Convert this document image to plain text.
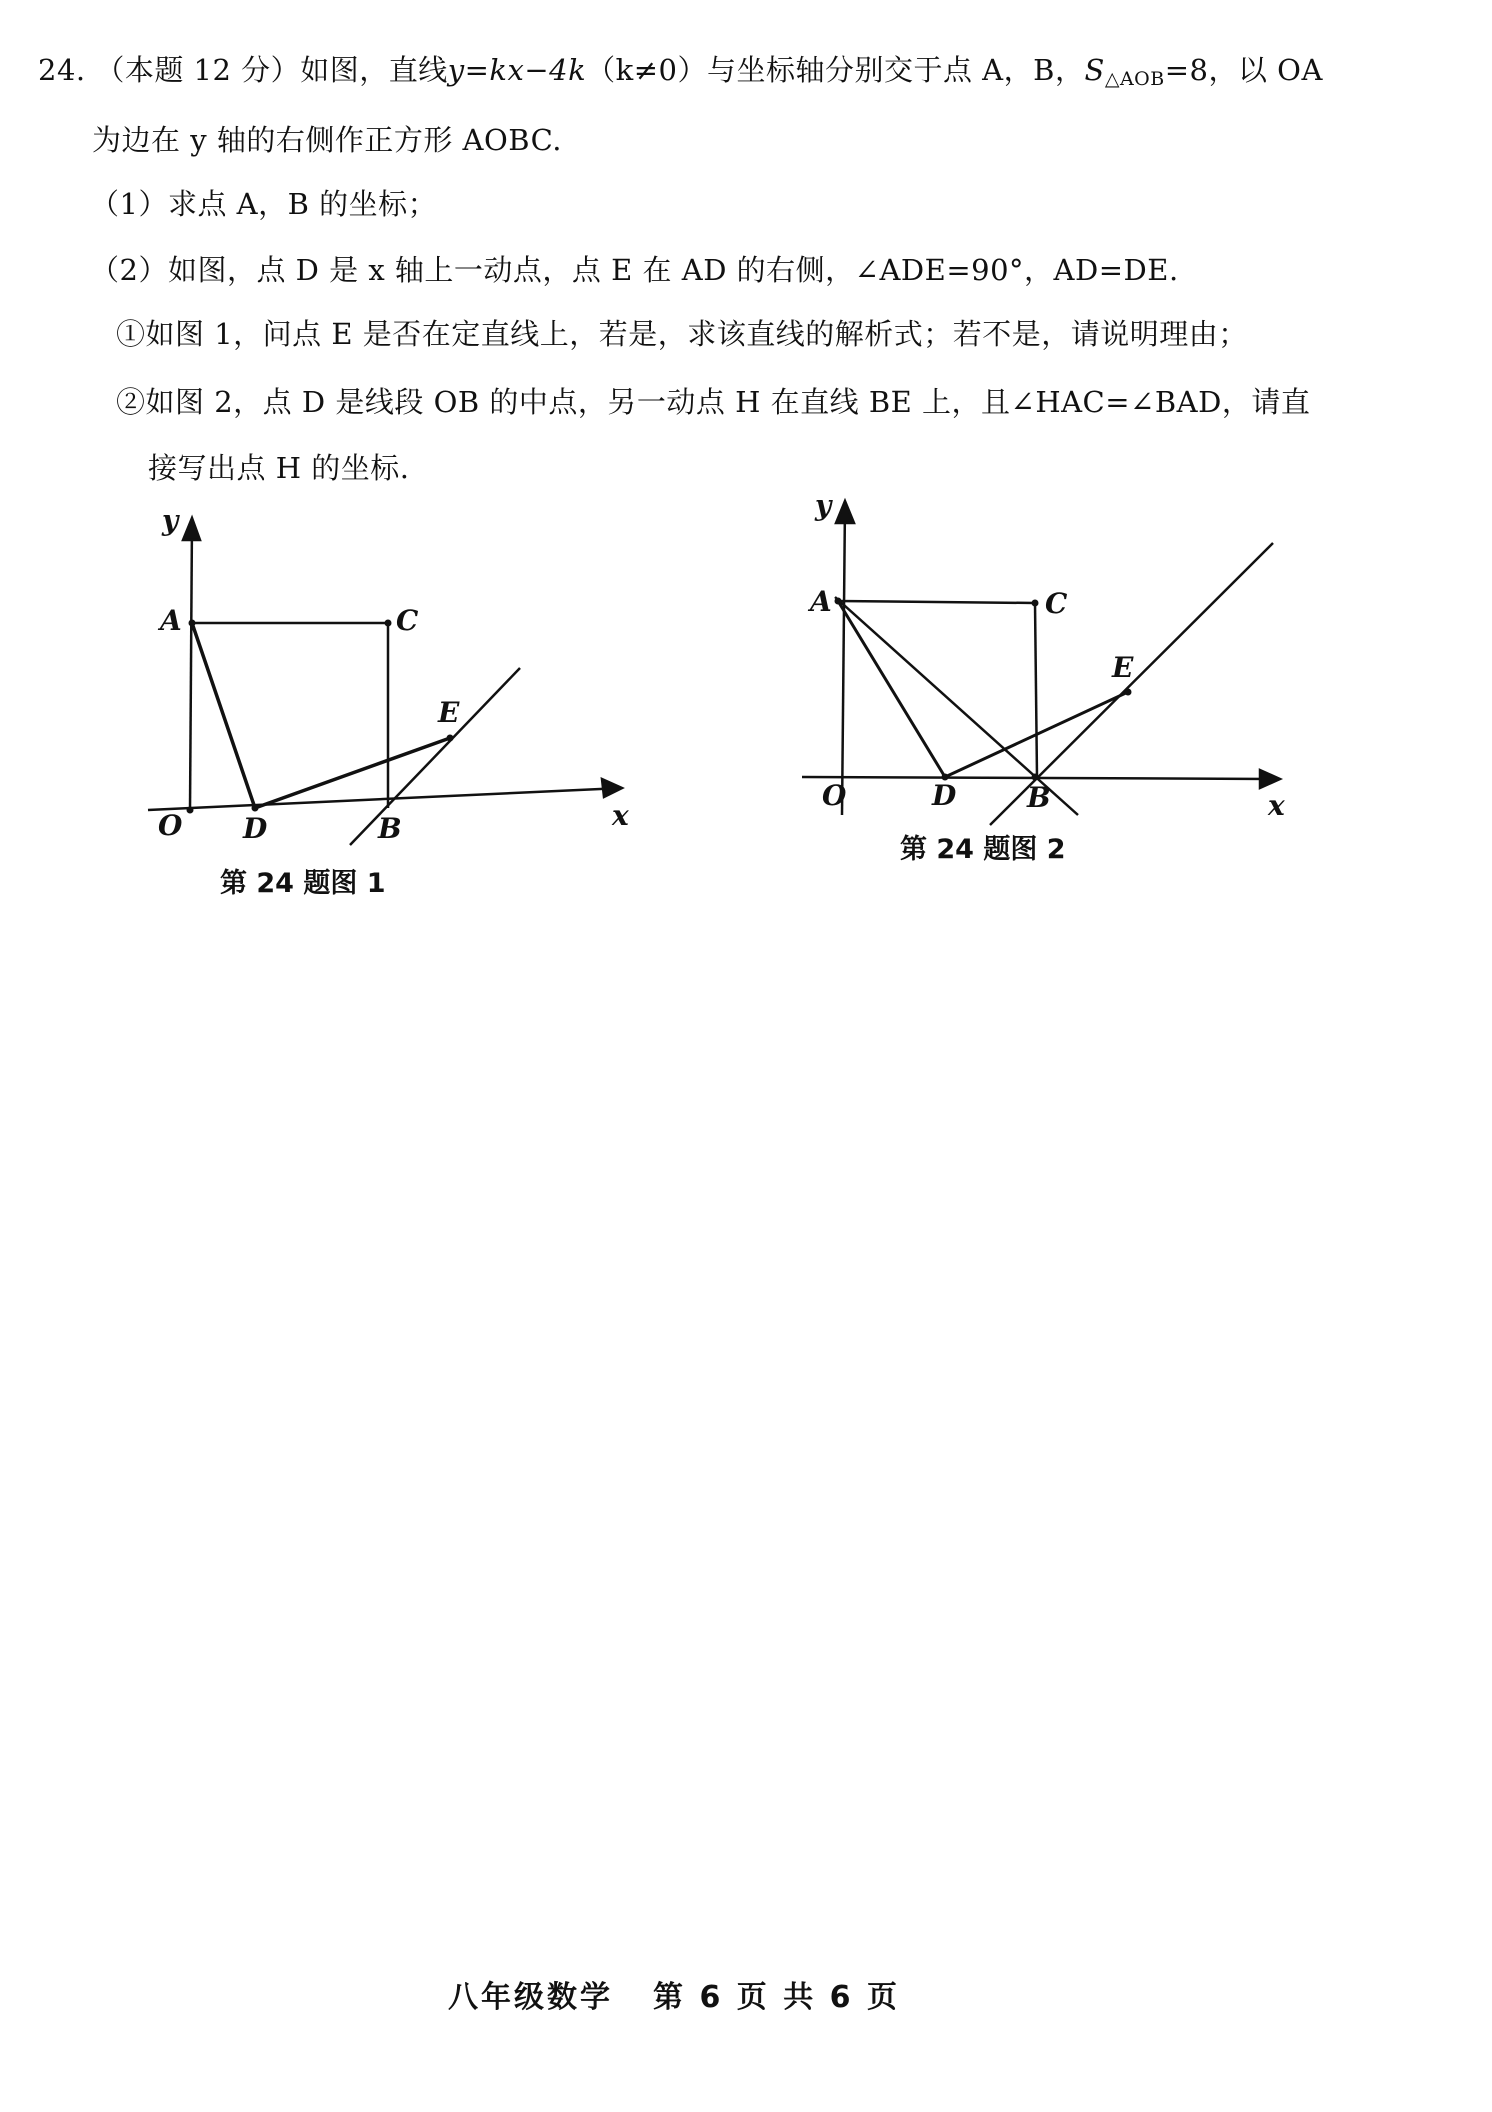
24. （本题 12 分）如图，直线y=kx−4k（k≠0）与坐标轴分别交于点 A，B，$S_{\triangle AOB}=8$，以 OA
为边在 y 轴的右侧作正方形 AOBC.
（1）求点 A，B 的坐标；
（2）如图，点 D 是 x 轴上一动点，点 E 在 AD 的右侧，∠ADE=90°，AD=DE.
①如图 1，问点 E 是否在定直线上，若是，求该直线的解析式；若不是，请说明理由；
②如图 2，点 D 是线段 OB 的中点，另一动点 H 在直线 BE 上，且∠HAC=∠BAD，请直
接写出点 H 的坐标.
y
x
O
A	C
D	B
E
第 24 题图 1
y
x
O
A	C
D	B
E
第 24 题图 2
八年级数学 第 6 页 共 6 页
